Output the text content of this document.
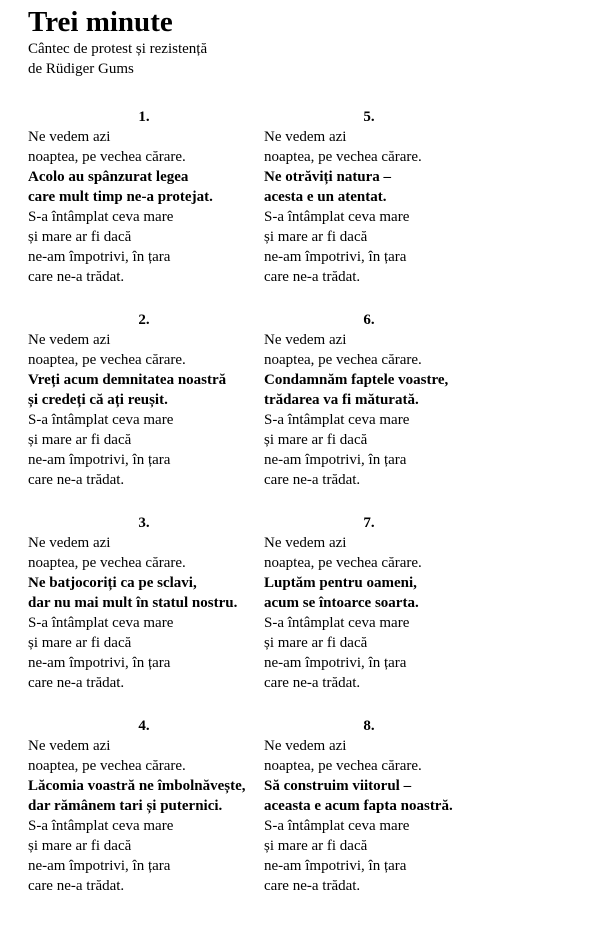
Trei minute
Cântec de protest și rezistență
de Rüdiger Gums
1.
Ne vedem azi
noaptea, pe vechea cărare.
Acolo au spânzurat legea
care mult timp ne-a protejat.
S-a întâmplat ceva mare
și mare ar fi dacă
ne-am împotrivi, în țara
care ne-a trădat.
2.
Ne vedem azi
noaptea, pe vechea cărare.
Vreți acum demnitatea noastră
și credeți că ați reușit.
S-a întâmplat ceva mare
și mare ar fi dacă
ne-am împotrivi, în țara
care ne-a trădat.
3.
Ne vedem azi
noaptea, pe vechea cărare.
Ne batjocoriți ca pe sclavi,
dar nu mai mult în statul nostru.
S-a întâmplat ceva mare
și mare ar fi dacă
ne-am împotrivi, în țara
care ne-a trădat.
4.
Ne vedem azi
noaptea, pe vechea cărare.
Lăcomia voastră ne îmbolnăvește,
dar rămânem tari și puternici.
S-a întâmplat ceva mare
și mare ar fi dacă
ne-am împotrivi, în țara
care ne-a trădat.
5.
Ne vedem azi
noaptea, pe vechea cărare.
Ne otrăviți natura –
acesta e un atentat.
S-a întâmplat ceva mare
și mare ar fi dacă
ne-am împotrivi, în țara
care ne-a trădat.
6.
Ne vedem azi
noaptea, pe vechea cărare.
Condamnăm faptele voastre,
trădarea va fi măturată.
S-a întâmplat ceva mare
și mare ar fi dacă
ne-am împotrivi, în țara
care ne-a trădat.
7.
Ne vedem azi
noaptea, pe vechea cărare.
Luptăm pentru oameni,
acum se întoarce soarta.
S-a întâmplat ceva mare
și mare ar fi dacă
ne-am împotrivi, în țara
care ne-a trădat.
8.
Ne vedem azi
noaptea, pe vechea cărare.
Să construim viitorul –
aceasta e acum fapta noastră.
S-a întâmplat ceva mare
și mare ar fi dacă
ne-am împotrivi, în țara
care ne-a trădat.
